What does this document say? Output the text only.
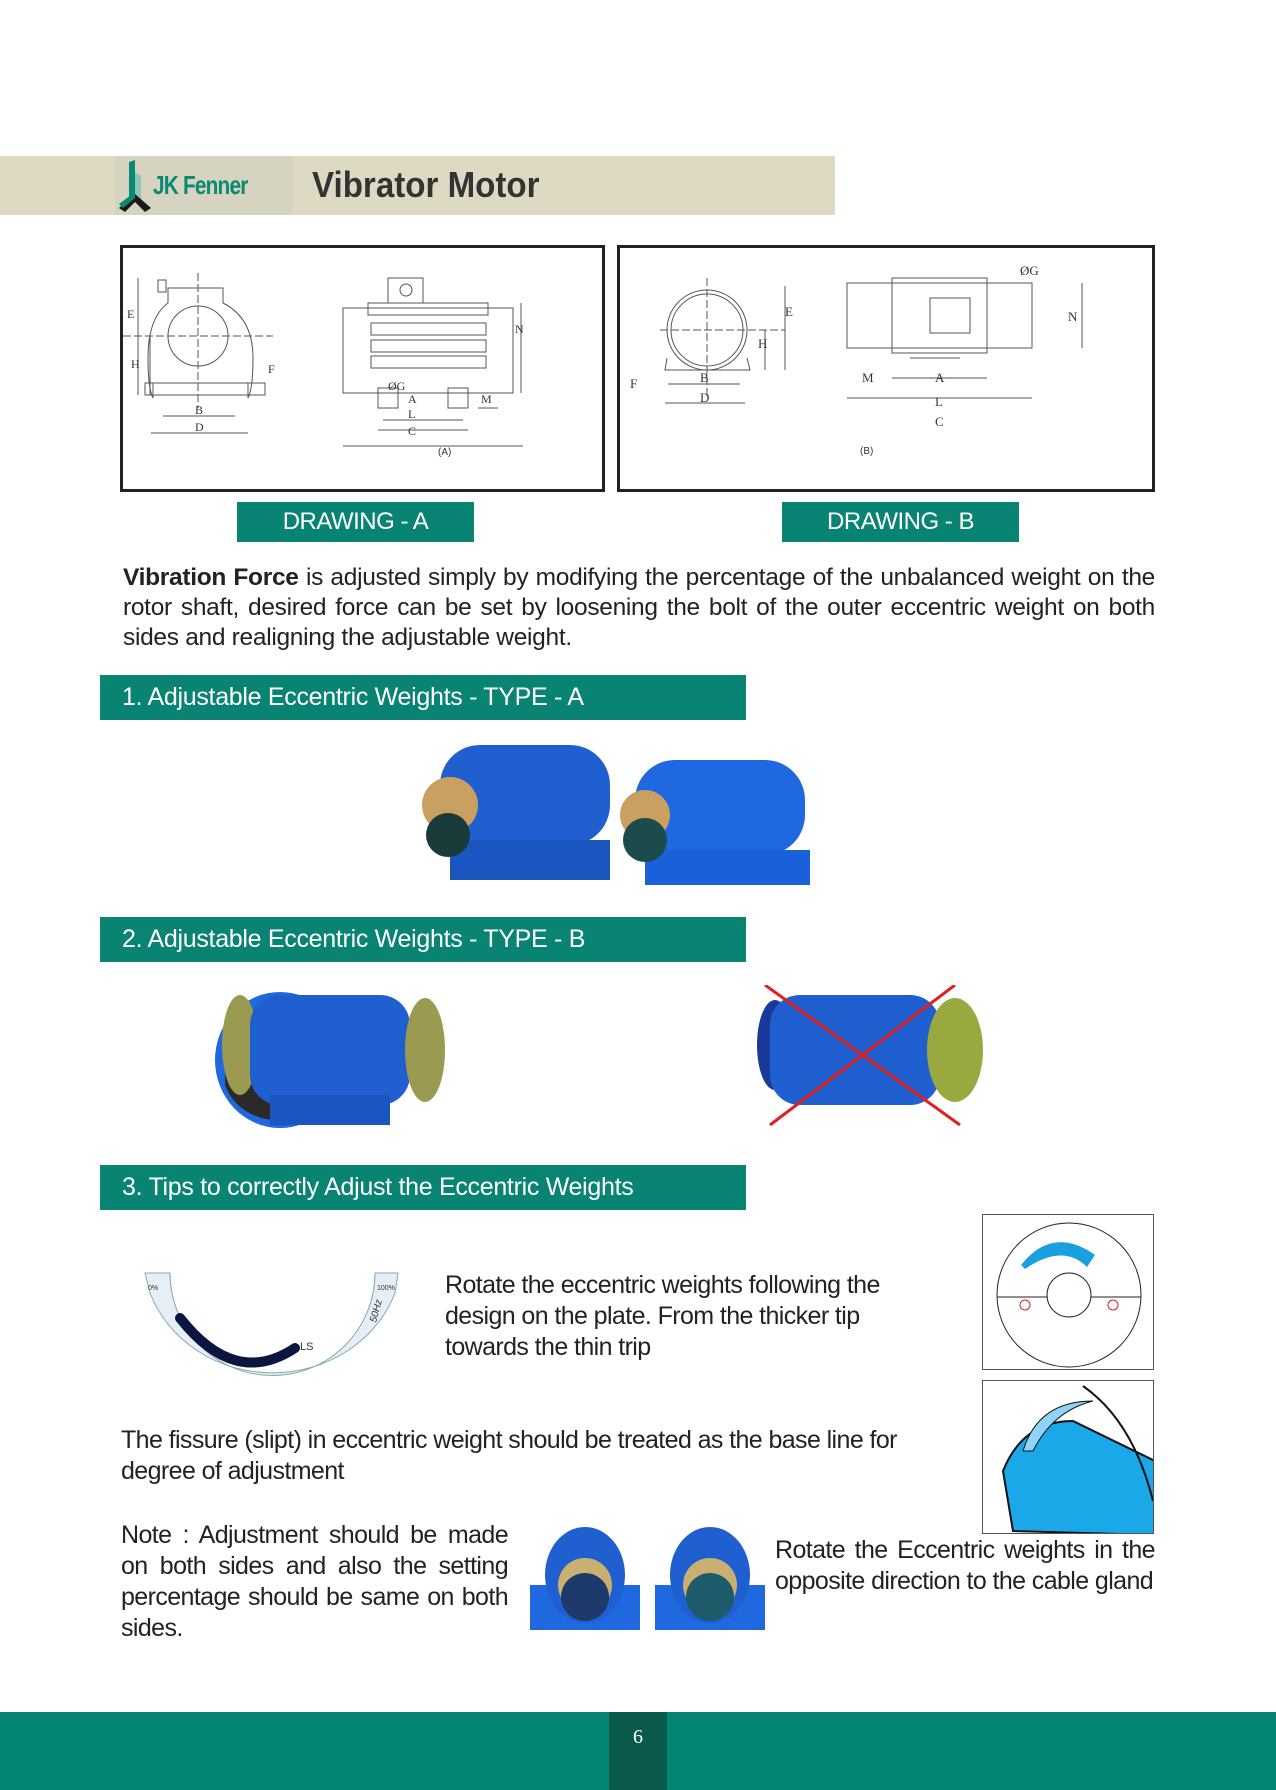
JK Fenner Vibrator Motor
B
D
E
H	F
ØG
A
L
C
M
N
(A)
DRAWING - A
E
H
F	B
D
ØG
M	A
L
C
N
(B)
DRAWING - B

Vibration Force is adjusted simply by modifying the percentage of the unbalanced weight on the rotor shaft, desired force can be set by loosening the bolt of the outer eccentric weight on both sides and realigning the adjustable weight.

1. Adjustable Eccentric Weights - TYPE - A
2. Adjustable Eccentric Weights - TYPE - B
3. Tips to correctly Adjust the Eccentric Weights
0%	100%
LS
50Hz

Rotate the eccentric weights following the design on the plate. From the thicker tip towards the thin trip

The fissure (slipt) in eccentric weight should be treated as the base line for degree of adjustment

Note : Adjustment should be made on both sides and also the setting percentage should be same on both sides.

Rotate the Eccentric weights in the opposite direction to the cable gland

6
